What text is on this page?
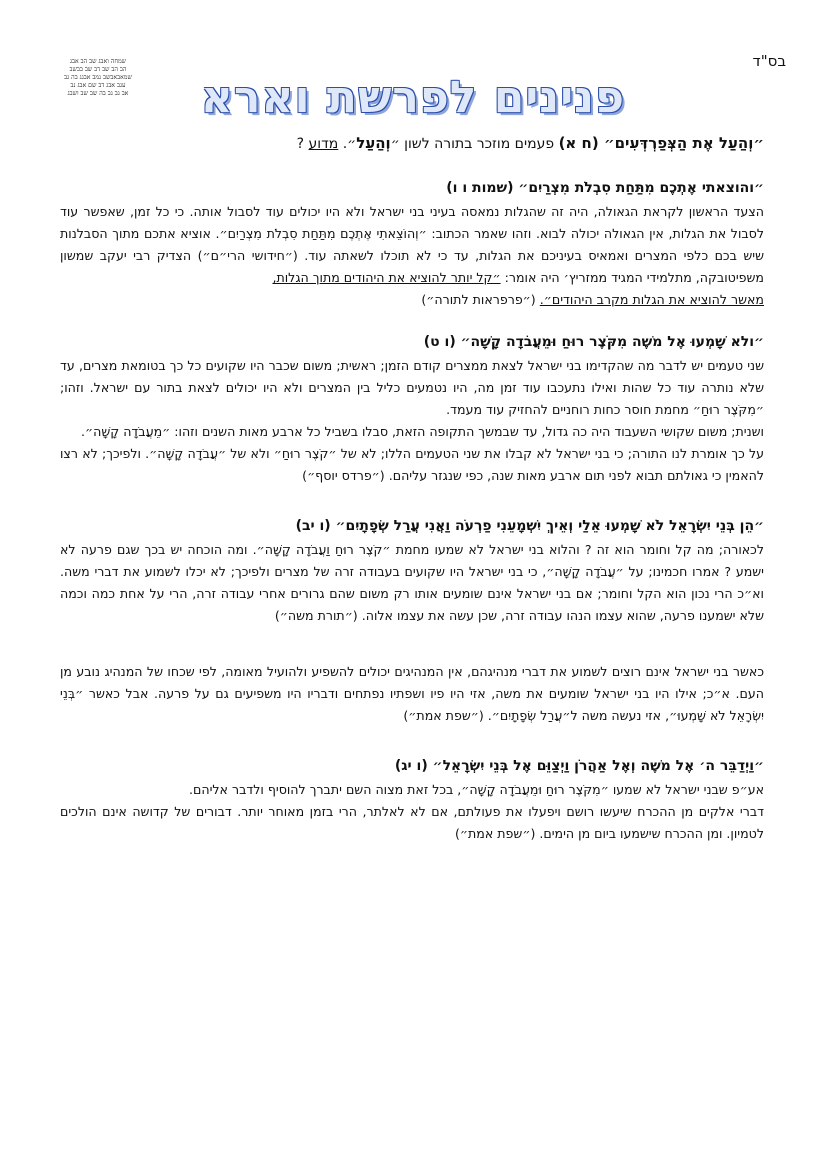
בס"ד
שמחה ואבג שב הב אבג
הב הב שב דב שב בבשב
שמאבאבשב נמב אבגג בה גב
עגב אבג דב שם אבג נב
אב גב גב בה שב שב ושבג	פנינים לפרשת וארא

״וְהַעַל אֶת הַצְּפַרְדְּעִים״ (ח א) פעמים מוזכר בתורה לשון ״וְהַעַל״. מדוע ?

״והוצאתי אֶתְכֶם מִתַּחַת סִבְלֹת מִצְרַיִם״ (שמות ו ו)

הצעד הראשון לקראת הגאולה, היה זה שהגלות נמאסה בעיני בני ישראל ולא היו יכולים עוד לסבול אותה. כי כל זמן, שאפשר עוד לסבול את הגלות, אין הגאולה יכולה לבוא. וזהו שאמר הכתוב: ״וְהוֹצֵאתִי אֶתְכֶם מִתַּחַת סִבְלֹת מִצְרַיִם״. אוציא אתכם מתוך הסבלנות שיש בכם כלפי המצרים ואמאיס בעיניכם את הגלות, עד כי לא תוכלו לשאתה עוד. (״חידושי הרי״ם״) הצדיק רבי יעקב שמשון משפיטובקה, מתלמידי המגיד ממזריץ׳ היה אומר: ״קל יותר להוציא את היהודים מתוך הגלות,

מאשר להוציא את הגלות מקרב היהודים״. (״פרפראות לתורה״)

״ולא שָׁמְעוּ אֶל משֶׁה מִקֹּצֶר רוּחַ וּמֵעֲבֹדָה קָשָׁה״ (ו ט)

שני טעמים יש לדבר מה שהקדימו בני ישראל לצאת ממצרים קודם הזמן; ראשית; משום שכבר היו שקועים כל כך בטומאת מצרים, עד שלא נותרה עוד כל שהות ואילו נתעכבו עוד זמן מה, היו נטמעים כליל בין המצרים ולא היו יכולים לצאת בתור עם ישראל. וזהו; ״מִקֹּצֶר רוּחַ״ מחמת חוסר כחות רוחניים להחזיק עוד מעמד.

ושנית; משום שקושי השעבוד היה כה גדול, עד שבמשך התקופה הזאת, סבלו בשביל כל ארבע מאות השנים וזהו: ״מֵעֲבֹדָה קָשָׁה״.

על כך אומרת לנו התורה; כי בני ישראל לא קבלו את שני הטעמים הללו; לא של ״קֹצֶר רוּחַ״ ולא של ״עֲבֹדָה קָשָׁה״. ולפיכך; לא רצו להאמין כי גאולתם תבוא לפני תום ארבע מאות שנה, כפי שנגזר עליהם. (״פרדס יוסף״)

״הֵן בְּנֵי יִשְׂרָאֵל לֹא שָׁמְעוּ אֵלַי וְאֵיךְ יִשְׁמָעֵנִי פַרְעֹה וַאֲנִי עֲרַל שְׂפָתָיִם״ (ו יב)

לכאורה; מה קל וחומר הוא זה ? והלוא בני ישראל לא שמעו מחמת ״קֹצֶר רוּחַ וַעֲבֹדָה קָשָׁה״. ומה הוכחה יש בכך שגם פרעה לא ישמע ? אמרו חכמינו; על ״עֲבֹדָה קָשָׁה״, כי בני ישראל היו שקועים בעבודה זרה של מצרים ולפיכך; לא יכלו לשמוע את דברי משה. וא״כ הרי נכון הוא הקל וחומר; אם בני ישראל אינם שומעים אותו רק משום שהם גרורים אחרי עבודה זרה, הרי על אחת כמה וכמה שלא ישמענו פרעה, שהוא עצמו הנהו עבודה זרה, שכן עשה את עצמו אלוה. (״תורת משה״)

כאשר בני ישראל אינם רוצים לשמוע את דברי מנהיגהם, אין המנהיגים יכולים להשפיע ולהועיל מאומה, לפי שכחו של המנהיג נובע מן העם. א״כ; אילו היו בני ישראל שומעים את משה, אזי היו פיו ושפתיו נפתחים ודבריו היו משפיעים גם על פרעה. אבל כאשר ״בְּנֵי יִשְׂרָאֵל לֹא שָׁמְעוּ״, אזי נעשה משה ל״עֲרַל שְׂפָתָיִם״. (״שפת אמת״)

״וַיְדַבֵּר ה׳ אֶל משֶׁה וְאֶל אַהֲרֹן וַיְצַוֵּם אֶל בְּנֵי יִשְׂרָאֵל״ (ו יג)

אע״פ שבני ישראל לא שמעו ״מִקֹּצֶר רוּחַ וּמֵעֲבֹדָה קָשָׁה״, בכל זאת מצוה השם יתברך להוסיף ולדבר אליהם.

דברי אלקים מן ההכרח שיעשו רושם ויפעלו את פעולתם, אם לא לאלתר, הרי בזמן מאוחר יותר. דבורים של קדושה אינם הולכים לטמיון. ומן ההכרח שישמעו ביום מן הימים. (״שפת אמת״)
